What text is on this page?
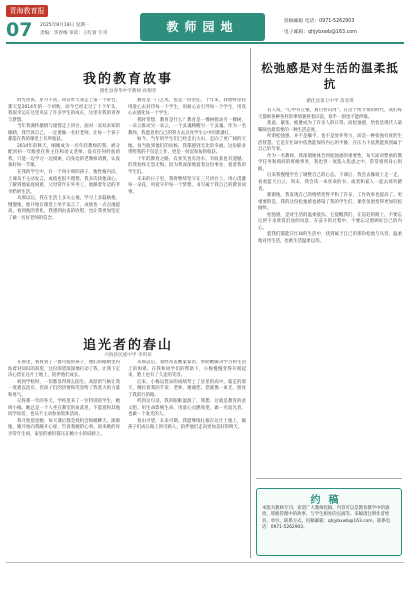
青海教育报
07	2025年8月18日 星期一
责编：李春梅 审读：王红蕾 专刊	教师园地	投稿邮箱 电话：0971-5262903
电子邮箱：qhjybxwb@163.com
我的教育故事
循化县春华中学教师 孙翔华

时光荏苒，岁月不居，回首昨天我走上第一个讲台，那天是2014年的一个初秋，而今已经走过了十个年头，我很幸运在这里见证了许多学生的成长，这里有我的青春与梦想。

当年我满怀激情与憧憬走上讲台，面对一双双求知的眼睛，我告诉自己，一定要做一名好老师，让每一个孩子都能在我的课堂上有所收获。

2014年的秋天，刚刚成为一名年轻教师的我，被分配到初一年级担任班主任和语文老师。没有任何经验的我，只能一边学习一边摸索，向身边的老教师请教，认真备好每一节课。

在我的学生中，有一个叫小明的孩子，他性格内向，上课从不主动发言，成绩也很不理想。我多次找他谈心，了解到他家庭困难，父母常年在外务工，他跟着年迈的爷爷奶奶生活。

从那以后，我在生活上多关心他，学习上多鼓励他，慢慢地，他开始在课堂上举手发言了，成绩也一点点地提高。看到他的变化，我感到由衷的欣慰，也让我更加坚定了做一名好老师的信念。

教育是一门艺术，也是一份责任。十年来，我始终坚持用爱心去对待每一个学生，用耐心去引导每一个学生，用真心去感化每一个学生。

我时常想，教育是什么？教育是一棵树摇动另一棵树，一朵云推动另一朵云，一个灵魂唤醒另一个灵魂。作为一名教师，我愿意用自己的努力去点亮学生心中的那盏灯。

如今，当年的学生们已经走出大山，走向了更广阔的天地。每当收到他们的问候，我都感到无比的幸福。这份职业带给我的不仅是工作，更是一份沉甸甸的收获。

十年的教育之路，有欢笑也有泪水，有收获也有遗憾。但我始终无怨无悔，因为我深深地爱着这份事业，爱着我的学生们。

未来的日子里，我将继续坚守在三尺讲台上，用心浇灌每一朵花，用爱守护每一个梦想，书写属于我自己的教育故事。

追光者的春山
兴海县民族中学 李玥环

在那里，我看到了一群可爱的孩子，他们的眼睛里闪烁着对知识的渴望，这份渴望深深地打动了我，让我下定决心留在这片土地上，陪伴他们成长。

初到学校时，一切都显得那么陌生。高原的气候让我一度难以适应，但孩子们的热情和笑容给了我莫大的力量和勇气。

记得那一年的冬天，学校里来了一位特别的学生，她叫小梅。她总是一个人坐在教室的角落里，不愿意和其他同学说话，也从不主动参加集体活动。

我开始留意她，每天课后都会找机会和她聊天。渐渐地，她开始向我敞开心扉，告诉我她的心事。原来她的母亲常年生病，家里的重担都压在她小小的肩膀上。

从那以后，我经常去她家家访，帮助她解决学习和生活上的困难。在我和同学们的帮助下，小梅慢慢变得开朗起来，脸上也有了久违的笑容。

后来，小梅以优异的成绩考上了县里的高中。临走的那天，她拉着我的手说：老师，谢谢您，您就像一束光，照亮了我前行的路。

听到这句话，我的眼眶湿润了。我想，这就是教育的意义吧。用生命影响生命，用爱心点燃希望，做一名追光者，也做一个发光的人。

春山可望，未来可期。我愿继续扎根在这片土地上，做孩子们成长路上的引路人，陪伴他们走向更加美好的明天。

松弛感是对生活的温柔抵抗
循化县第七中学 余亚琪

有人说，"心中有丘壑，眉目作山河"。在这个快节奏的时代，我们每天都被各种各样的事情裹挟着向前，似乎一刻也不能停歇。

焦虑、紧张、疲惫成为了许多人的日常。而松弛感，恰恰是现代人最稀缺也最需要的一种生活态度。

所谓松弛感，并不是躺平，也不是放弃努力，而是一种张弛有度的生活智慧。它是在忙碌中依然能保持内心的平静，在压力下依然能找到属于自己的节奏。

作为一名教师，我深刻地体会到松弛感的重要性。每天面对繁重的教学任务和琐碎的班级事务，我也曾一度陷入焦虑之中，常常感到身心俱疲。

后来我慢慢学会了调整自己的心态。下课后，我会去操场上走一走，看看蓝天白云；周末，我会读一本喜欢的书，或者和家人一起去郊外踏青。

渐渐地，我发现自己的情绪变得平和了许多，工作效率也提高了。更重要的是，我的这份松弛感也感染了我的学生们，课堂氛围变得更加轻松愉快。

松弛感，是对生活的温柔抵抗。它提醒我们，在追赶的路上，不要忘记停下来欣赏沿途的风景；在奋斗的过程中，不要忘记照顾好自己的内心。

愿我们都能在忙碌的生活中，找到属于自己的那份松弛与从容，温柔地对待生活，也被生活温柔以待。

约稿
本版为教师专刊，欢迎广大教师投稿，内容可以是教育教学中的感悟、班级管理中的故事、与学生相处的点滴等。来稿请注明作者姓名、单位、联系方式。投稿邮箱：qhjybxwb@163.com，联系电话：0971-5262903。
